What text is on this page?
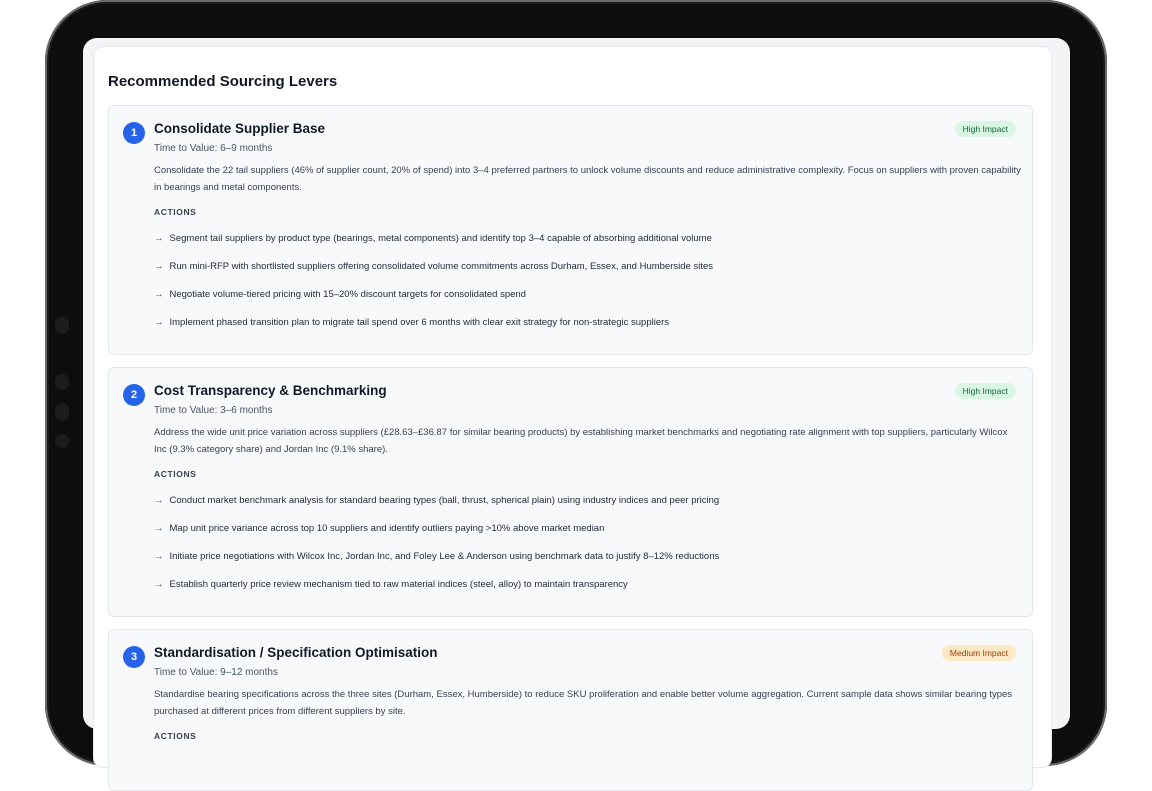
Recommended Sourcing Levers
1	Consolidate Supplier Base	High Impact
Time to Value: 6–9 months
Consolidate the 22 tail suppliers (46% of supplier count, 20% of spend) into 3–4 preferred partners to unlock volume discounts and reduce administrative complexity. Focus on suppliers with proven capability in bearings and metal components.
ACTIONS
→ Segment tail suppliers by product type (bearings, metal components) and identify top 3–4 capable of absorbing additional volume
→ Run mini-RFP with shortlisted suppliers offering consolidated volume commitments across Durham, Essex, and Humberside sites
→ Negotiate volume-tiered pricing with 15–20% discount targets for consolidated spend
→ Implement phased transition plan to migrate tail spend over 6 months with clear exit strategy for non-strategic suppliers
2	Cost Transparency & Benchmarking	High Impact
Time to Value: 3–6 months
Address the wide unit price variation across suppliers (£28.63–£36.87 for similar bearing products) by establishing market benchmarks and negotiating rate alignment with top suppliers, particularly Wilcox Inc (9.3% category share) and Jordan Inc (9.1% share).
ACTIONS
→ Conduct market benchmark analysis for standard bearing types (ball, thrust, spherical plain) using industry indices and peer pricing
→ Map unit price variance across top 10 suppliers and identify outliers paying >10% above market median
→ Initiate price negotiations with Wilcox Inc, Jordan Inc, and Foley Lee & Anderson using benchmark data to justify 8–12% reductions
→ Establish quarterly price review mechanism tied to raw material indices (steel, alloy) to maintain transparency
3	Standardisation / Specification Optimisation	Medium Impact
Time to Value: 9–12 months
Standardise bearing specifications across the three sites (Durham, Essex, Humberside) to reduce SKU proliferation and enable better volume aggregation. Current sample data shows similar bearing types purchased at different prices from different suppliers by site.
ACTIONS
